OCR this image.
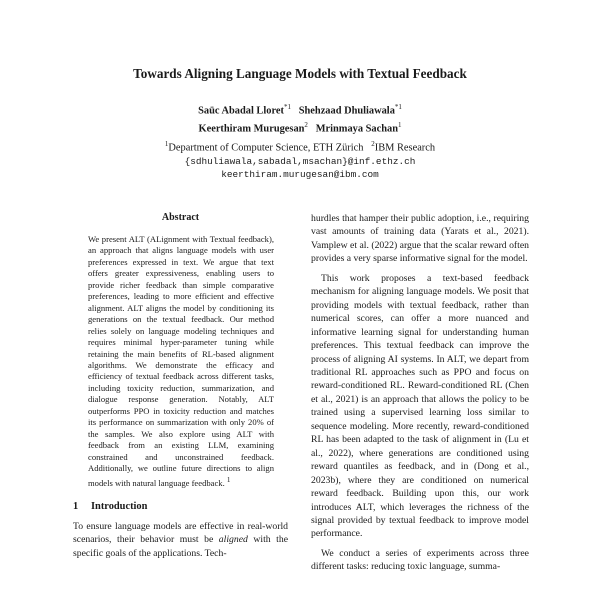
Towards Aligning Language Models with Textual Feedback
Saüc Abadal Lloret$^{*1}$ Shehzaad Dhuliawala$^{*1}$
Keerthiram Murugesan$^2$ Mrinmaya Sachan$^1$
$^1$Department of Computer Science, ETH Zürich $^2$IBM Research
{sdhuliawala,sabadal,msachan}@inf.ethz.ch
keerthiram.murugesan@ibm.com
Abstract

We present ALT (ALignment with Textual feedback), an approach that aligns language models with user preferences expressed in text. We argue that text offers greater expressiveness, enabling users to provide richer feedback than simple comparative preferences, leading to more efficient and effective alignment. ALT aligns the model by conditioning its generations on the textual feedback. Our method relies solely on language modeling techniques and requires minimal hyper-parameter tuning while retaining the main benefits of RL-based alignment algorithms. We demonstrate the efficacy and efficiency of textual feedback across different tasks, including toxicity reduction, summarization, and dialogue response generation. Notably, ALT outperforms PPO in toxicity reduction and matches its performance on summarization with only 20% of the samples. We also explore using ALT with feedback from an existing LLM, examining constrained and unconstrained feedback. Additionally, we outline future directions to align models with natural language feedback. $^1$

1 Introduction

To ensure language models are effective in real-world scenarios, their behavior must be aligned with the specific goals of the applications. Tech-

hurdles that hamper their public adoption, i.e., requiring vast amounts of training data (Yarats et al., 2021). Vamplew et al. (2022) argue that the scalar reward often provides a very sparse informative signal for the model.

This work proposes a text-based feedback mechanism for aligning language models. We posit that providing models with textual feedback, rather than numerical scores, can offer a more nuanced and informative learning signal for understanding human preferences. This textual feedback can improve the process of aligning AI systems. In ALT, we depart from traditional RL approaches such as PPO and focus on reward-conditioned RL. Reward-conditioned RL (Chen et al., 2021) is an approach that allows the policy to be trained using a supervised learning loss similar to sequence modeling. More recently, reward-conditioned RL has been adapted to the task of alignment in (Lu et al., 2022), where generations are conditioned using reward quantiles as feedback, and in (Dong et al., 2023b), where they are conditioned on numerical reward feedback. Building upon this, our work introduces ALT, which leverages the richness of the signal provided by textual feedback to improve model performance.

We conduct a series of experiments across three different tasks: reducing toxic language, summa-
